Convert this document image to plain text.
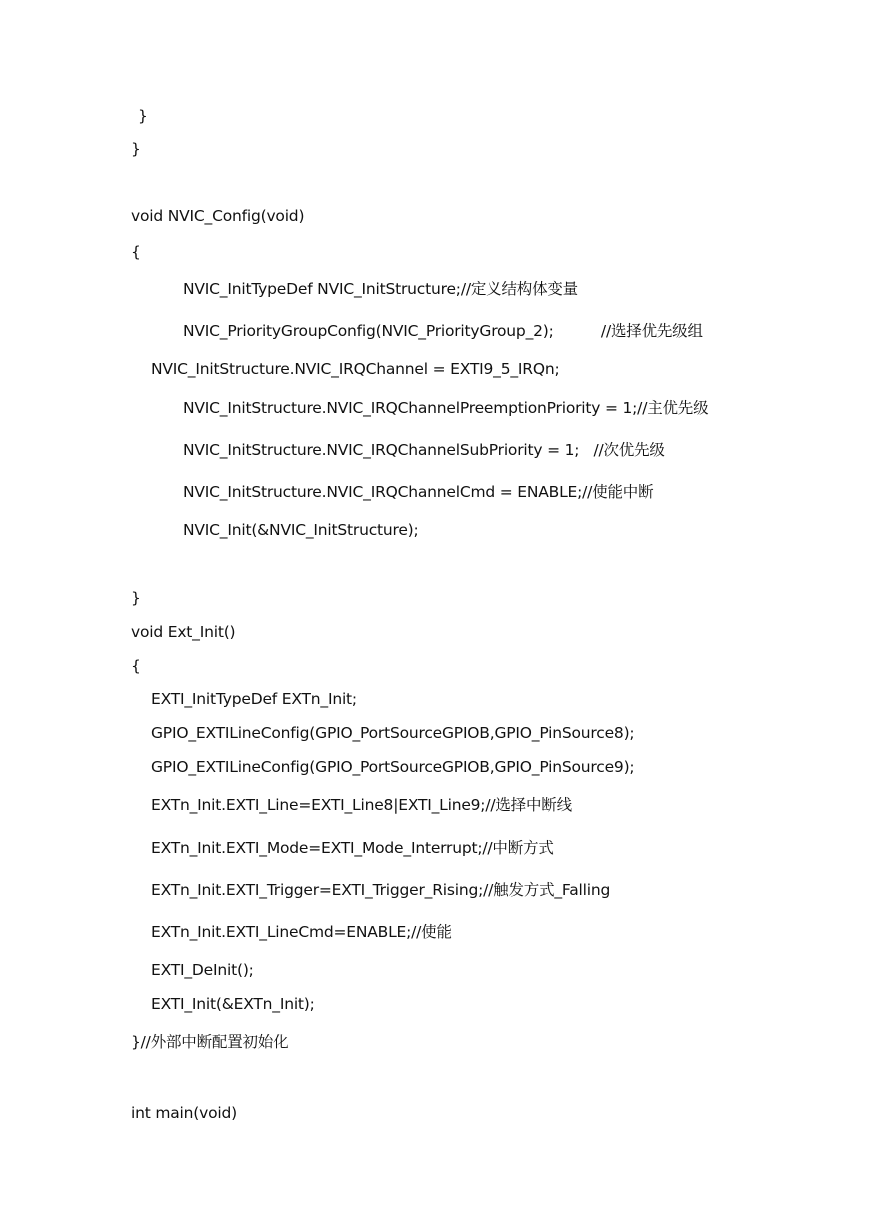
}
}
void NVIC_Config(void)
{
NVIC_InitTypeDef NVIC_InitStructure;//定义结构体变量
NVIC_PriorityGroupConfig(NVIC_PriorityGroup_2);          //选择优先级组
NVIC_InitStructure.NVIC_IRQChannel = EXTI9_5_IRQn;
NVIC_InitStructure.NVIC_IRQChannelPreemptionPriority = 1;//主优先级
NVIC_InitStructure.NVIC_IRQChannelSubPriority = 1;   //次优先级
NVIC_InitStructure.NVIC_IRQChannelCmd = ENABLE;//使能中断
NVIC_Init(&NVIC_InitStructure);
}
void Ext_Init()
{
EXTI_InitTypeDef EXTn_Init;
GPIO_EXTILineConfig(GPIO_PortSourceGPIOB,GPIO_PinSource8);
GPIO_EXTILineConfig(GPIO_PortSourceGPIOB,GPIO_PinSource9);
EXTn_Init.EXTI_Line=EXTI_Line8|EXTI_Line9;//选择中断线
EXTn_Init.EXTI_Mode=EXTI_Mode_Interrupt;//中断方式
EXTn_Init.EXTI_Trigger=EXTI_Trigger_Rising;//触发方式_Falling
EXTn_Init.EXTI_LineCmd=ENABLE;//使能
EXTI_DeInit();
EXTI_Init(&EXTn_Init);
}//外部中断配置初始化
int main(void)
